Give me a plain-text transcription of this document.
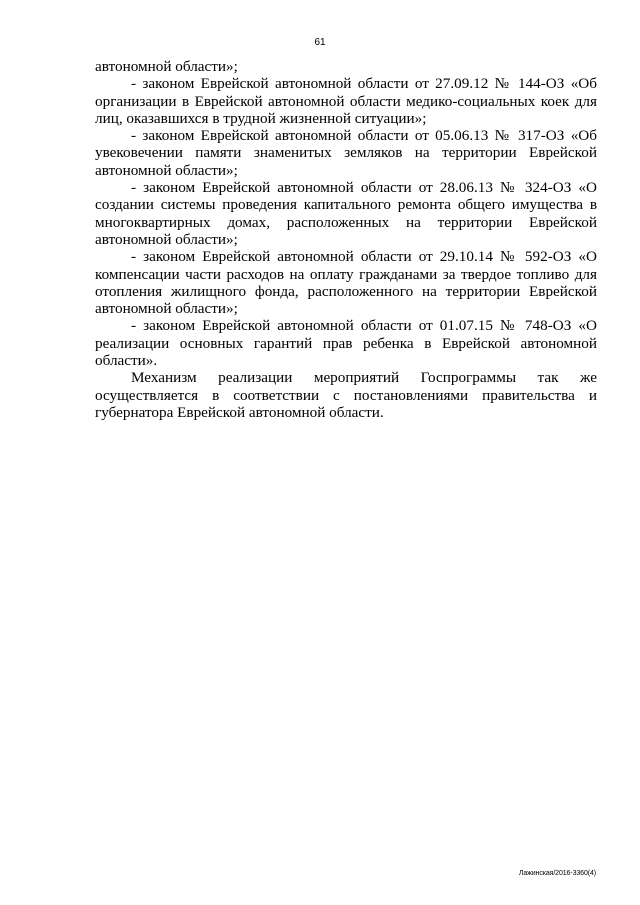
61

автономной области»;

- законом Еврейской автономной области от 27.09.12 № 144-ОЗ «Об организации в Еврейской автономной области медико-социальных коек для лиц, оказавшихся в трудной жизненной ситуации»;

- законом Еврейской автономной области от 05.06.13 № 317-ОЗ «Об увековечении памяти знаменитых земляков на территории Еврейской автономной области»;

- законом Еврейской автономной области от 28.06.13 № 324-ОЗ «О создании системы проведения капитального ремонта общего имущества в многоквартирных домах, расположенных на территории Еврейской автономной области»;

- законом Еврейской автономной области от 29.10.14 № 592-ОЗ «О компенсации части расходов на оплату гражданами за твердое топливо для отопления жилищного фонда, расположенного на территории Еврейской автономной области»;

- законом Еврейской автономной области от 01.07.15 № 748-ОЗ «О реализации основных гарантий прав ребенка в Еврейской автономной области».

Механизм реализации мероприятий Госпрограммы так же осуществляется в соответствии с постановлениями правительства и губернатора Еврейской автономной области.

Лажинская/2016-3360(4)
